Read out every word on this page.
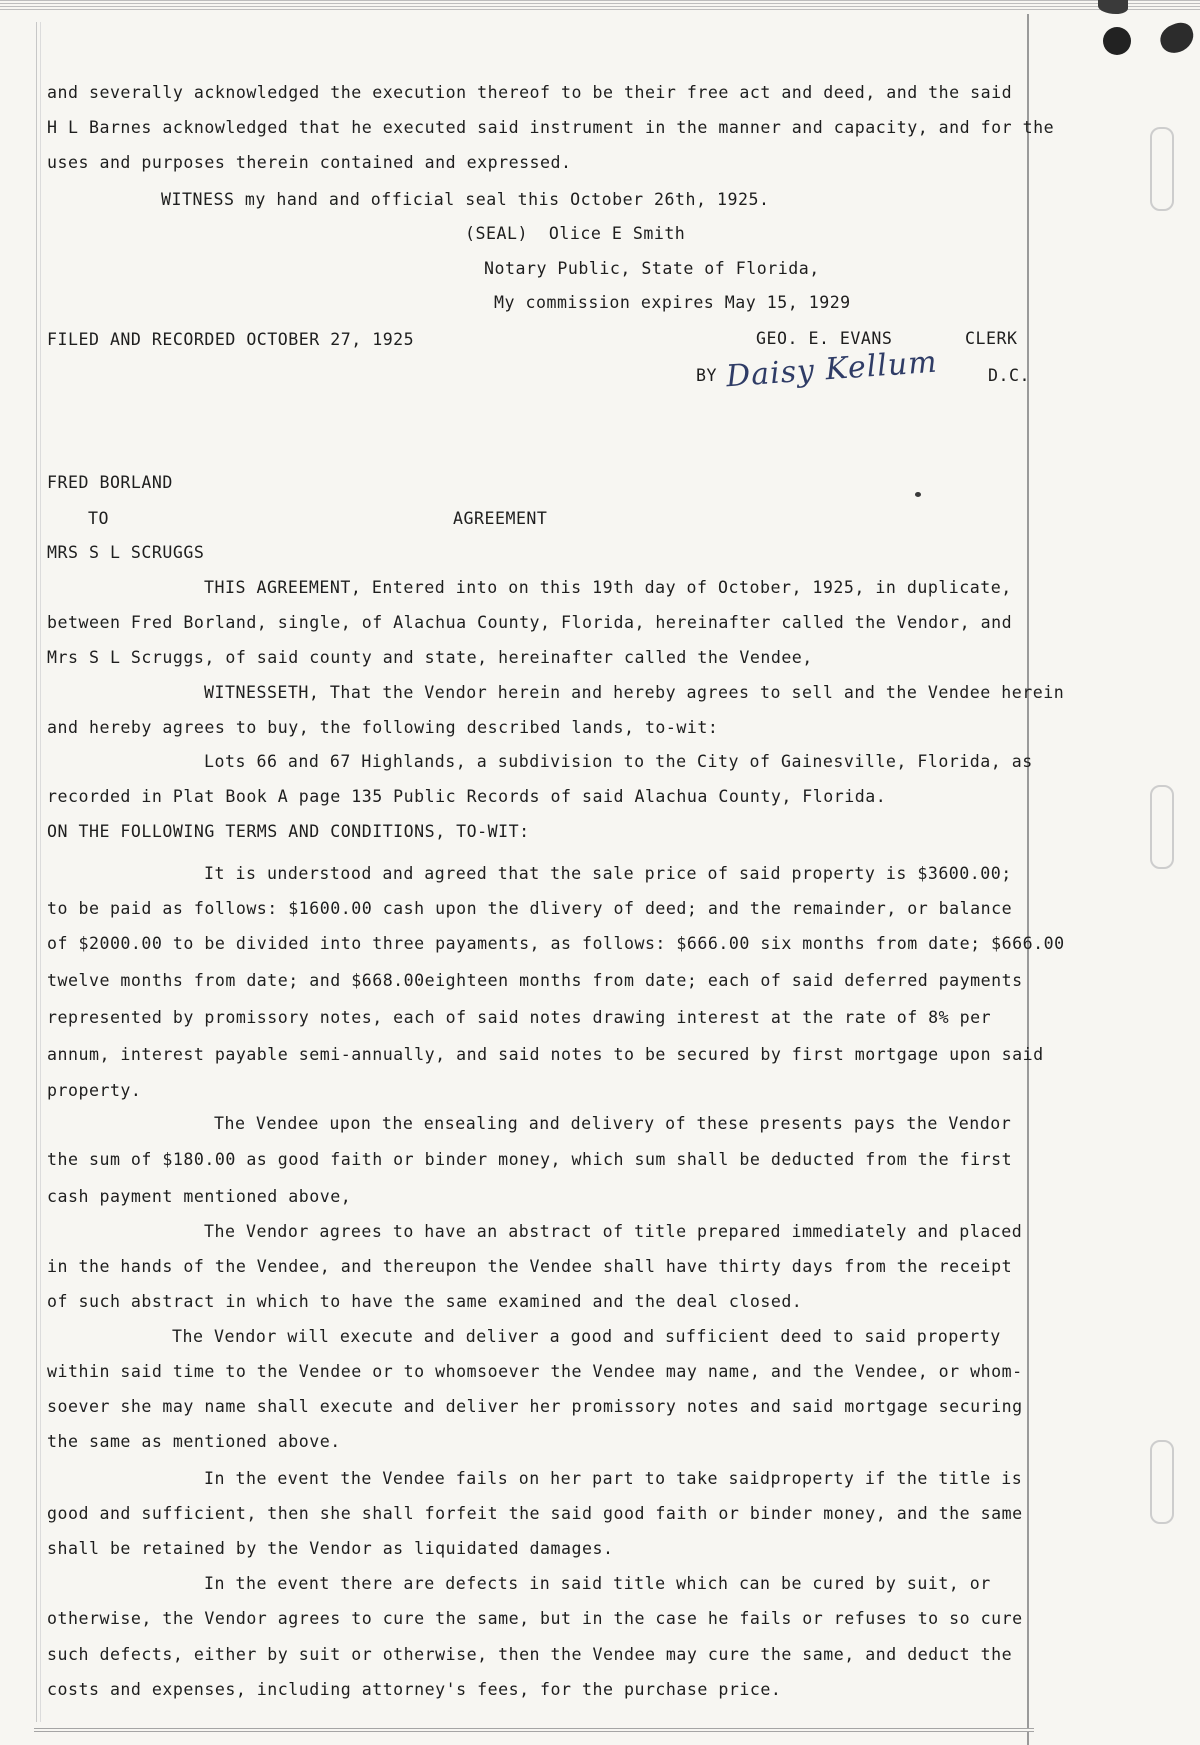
and severally acknowledged the execution thereof to be their free act and deed, and the said
H L Barnes acknowledged that he executed said instrument in the manner and capacity, and for the
uses and purposes therein contained and expressed.
WITNESS my hand and official seal this October 26th, 1925.
(SEAL)  Olice E Smith
Notary Public, State of Florida,
My commission expires May 15, 1929
FILED AND RECORDED OCTOBER 27, 1925	GEO. E. EVANS	CLERK
BY Daisy Kellum	D.C.
FRED BORLAND
TO	AGREEMENT
MRS S L SCRUGGS
THIS AGREEMENT, Entered into on this 19th day of October, 1925, in duplicate,
between Fred Borland, single, of Alachua County, Florida, hereinafter called the Vendor, and
Mrs S L Scruggs, of said county and state, hereinafter called the Vendee,
WITNESSETH, That the Vendor herein and hereby agrees to sell and the Vendee herein
and hereby agrees to buy, the following described lands, to-wit:
Lots 66 and 67 Highlands, a subdivision to the City of Gainesville, Florida, as
recorded in Plat Book A page 135 Public Records of said Alachua County, Florida.
ON THE FOLLOWING TERMS AND CONDITIONS, TO-WIT:
It is understood and agreed that the sale price of said property is $3600.00;
to be paid as follows: $1600.00 cash upon the dlivery of deed; and the remainder, or balance
of $2000.00 to be divided into three payaments, as follows: $666.00 six months from date; $666.00
twelve months from date; and $668.00eighteen months from date; each of said deferred payments
represented by promissory notes, each of said notes drawing interest at the rate of 8% per
annum, interest payable semi-annually, and said notes to be secured by first mortgage upon said
property.
The Vendee upon the ensealing and delivery of these presents pays the Vendor
the sum of $180.00 as good faith or binder money, which sum shall be deducted from the first
cash payment mentioned above,
The Vendor agrees to have an abstract of title prepared immediately and placed
in the hands of the Vendee, and thereupon the Vendee shall have thirty days from the receipt
of such abstract in which to have the same examined and the deal closed.
The Vendor will execute and deliver a good and sufficient deed to said property
within said time to the Vendee or to whomsoever the Vendee may name, and the Vendee, or whom-
soever she may name shall execute and deliver her promissory notes and said mortgage securing
the same as mentioned above.
In the event the Vendee fails on her part to take saidproperty if the title is
good and sufficient, then she shall forfeit the said good faith or binder money, and the same
shall be retained by the Vendor as liquidated damages.
In the event there are defects in said title which can be cured by suit, or
otherwise, the Vendor agrees to cure the same, but in the case he fails or refuses to so cure
such defects, either by suit or otherwise, then the Vendee may cure the same, and deduct the
costs and expenses, including attorney's fees, for the purchase price.
